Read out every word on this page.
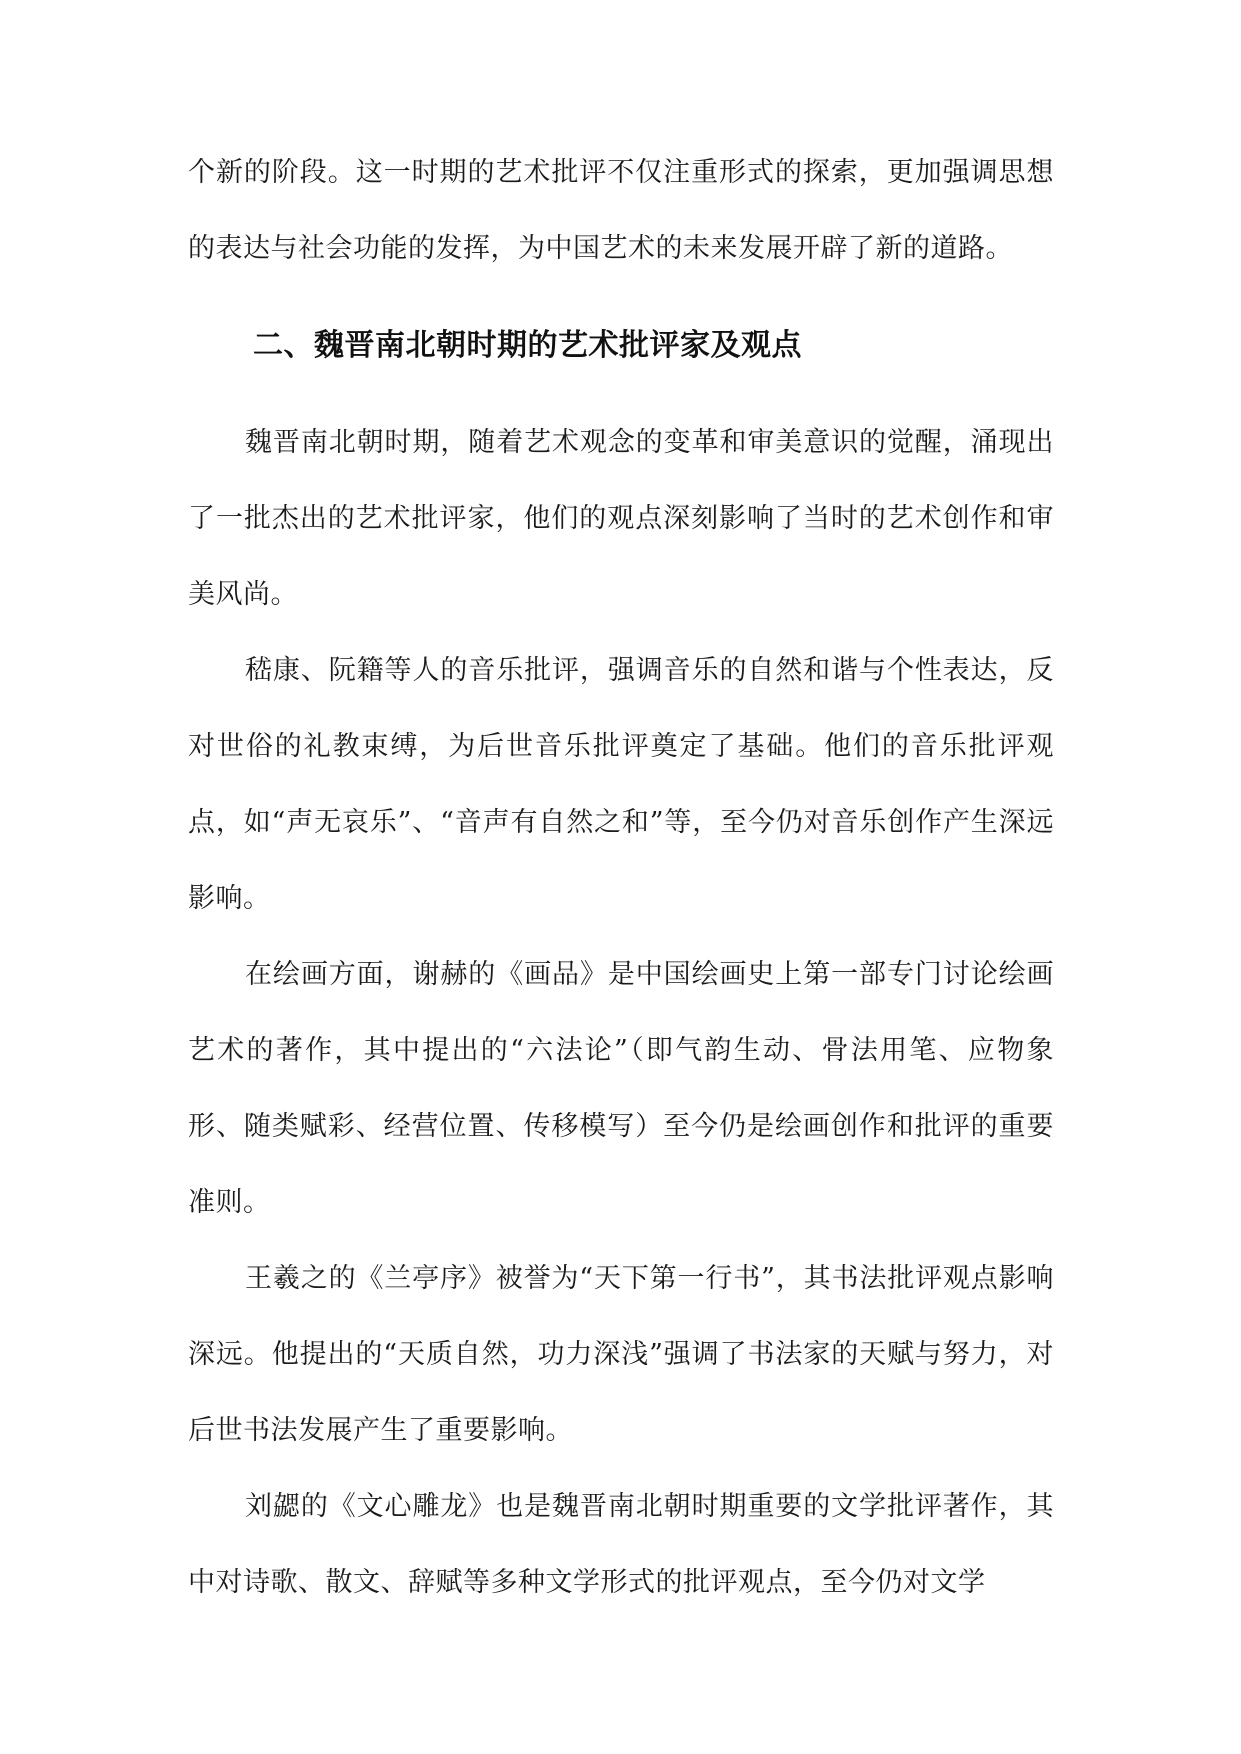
个新的阶段。这一时期的艺术批评不仅注重形式的探索，更加强调思想的表达与社会功能的发挥，为中国艺术的未来发展开辟了新的道路。

二、魏晋南北朝时期的艺术批评家及观点

魏晋南北朝时期，随着艺术观念的变革和审美意识的觉醒，涌现出了一批杰出的艺术批评家，他们的观点深刻影响了当时的艺术创作和审美风尚。

嵇康、阮籍等人的音乐批评，强调音乐的自然和谐与个性表达，反对世俗的礼教束缚，为后世音乐批评奠定了基础。他们的音乐批评观点，如“声无哀乐”、“音声有自然之和”等，至今仍对音乐创作产生深远影响。

在绘画方面，谢赫的《画品》是中国绘画史上第一部专门讨论绘画艺术的著作，其中提出的“六法论”（即气韵生动、骨法用笔、应物象形、随类赋彩、经营位置、传移模写）至今仍是绘画创作和批评的重要准则。

王羲之的《兰亭序》被誉为“天下第一行书”，其书法批评观点影响深远。他提出的“天质自然，功力深浅”强调了书法家的天赋与努力，对后世书法发展产生了重要影响。

刘勰的《文心雕龙》也是魏晋南北朝时期重要的文学批评著作，其中对诗歌、散文、辞赋等多种文学形式的批评观点，至今仍对文学
